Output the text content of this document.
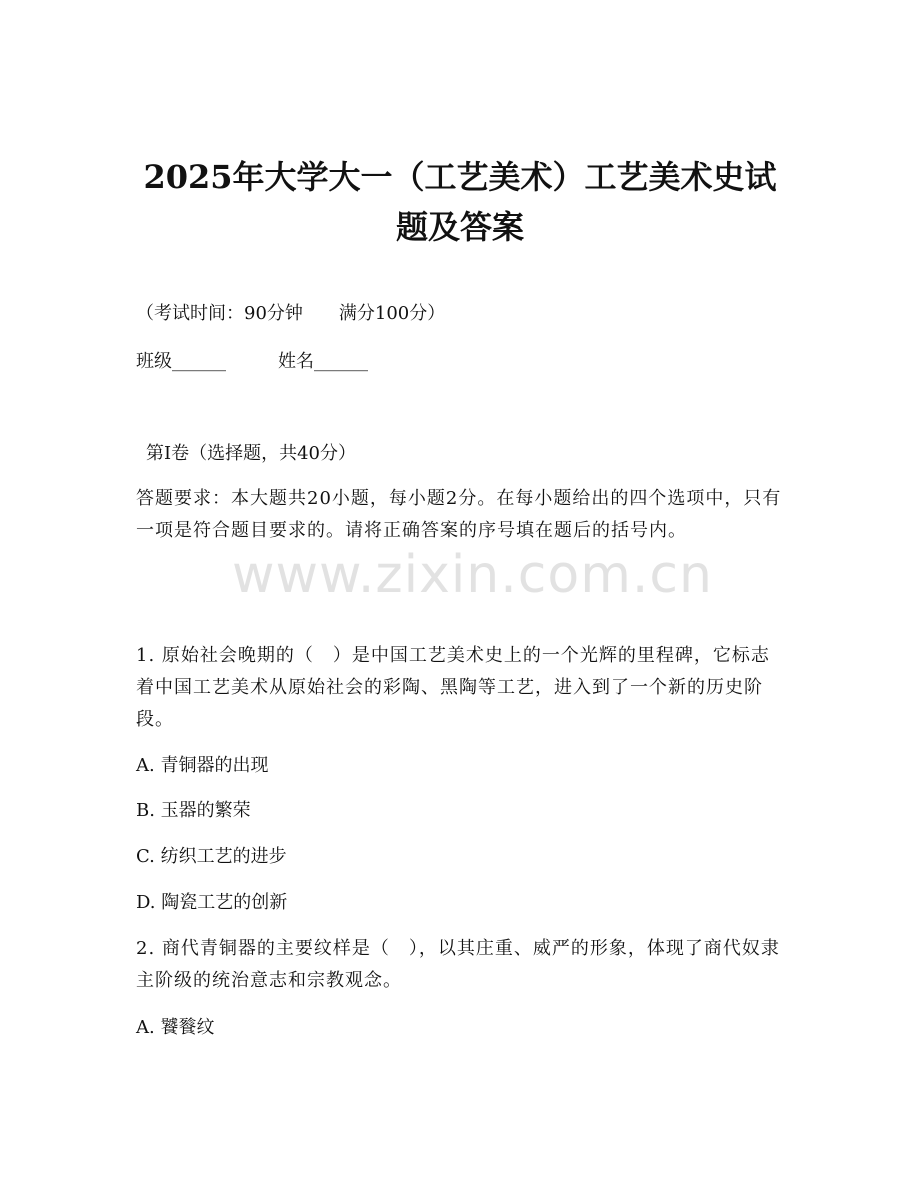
2025年大学大一（工艺美术）工艺美术史试
题及答案
（考试时间：90分钟　　满分100分）
班级______	姓名______
第I卷（选择题，共40分）
答题要求：本大题共20小题，每小题2分。在每小题给出的四个选项中，只有一项是符合题目要求的。请将正确答案的序号填在题后的括号内。
www.zixin.com.cn
1. 原始社会晚期的（　）是中国工艺美术史上的一个光辉的里程碑，它标志着中国工艺美术从原始社会的彩陶、黑陶等工艺，进入到了一个新的历史阶段。
A. 青铜器的出现
B. 玉器的繁荣
C. 纺织工艺的进步
D. 陶瓷工艺的创新
2. 商代青铜器的主要纹样是（　），以其庄重、威严的形象，体现了商代奴隶主阶级的统治意志和宗教观念。
A. 饕餮纹
